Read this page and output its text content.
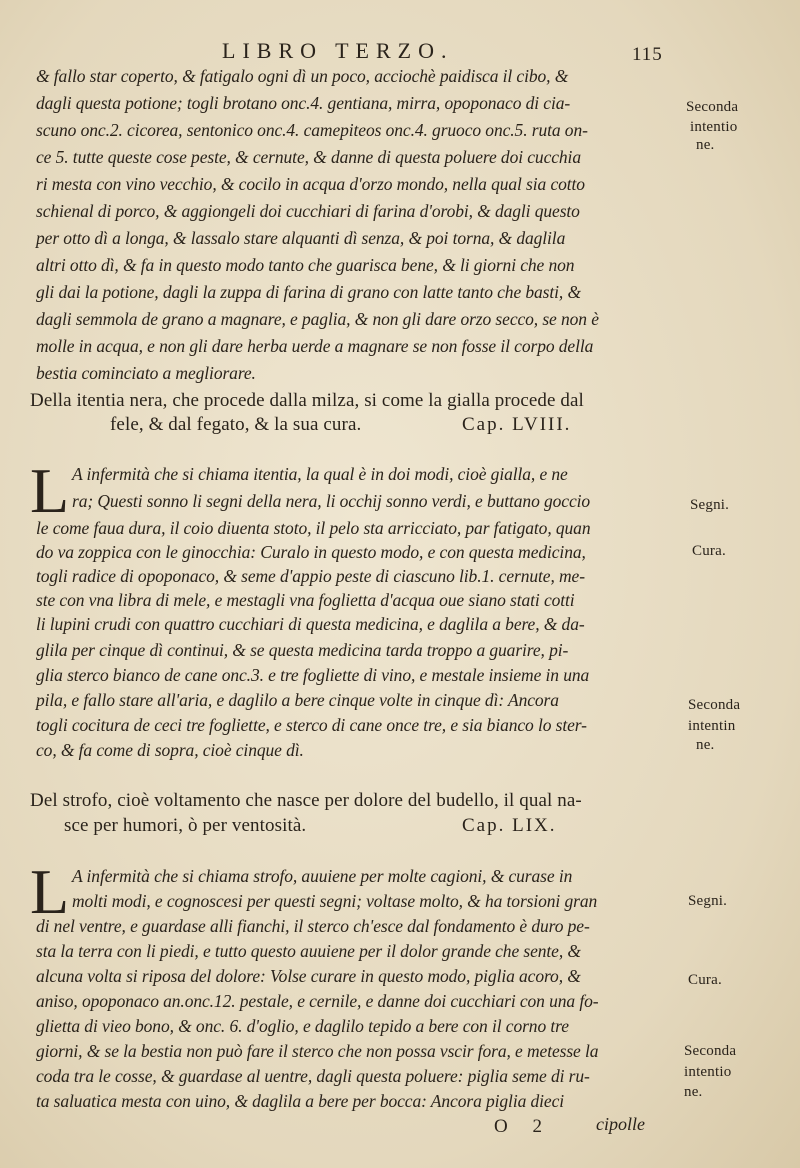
LIBRO TERZO.	115
& fallo star coperto, & fatigalo ogni dì un poco, acciochè paidisca il cibo, &
dagli questa potione; togli brotano onc.4. gentiana, mirra, opoponaco di cia-
scuno onc.2. cicorea, sentonico onc.4. camepiteos onc.4. gruoco onc.5. ruta on-
ce 5. tutte queste cose peste, & cernute, & danne di questa poluere doi cucchia
ri mesta con vino vecchio, & cocilo in acqua d'orzo mondo, nella qual sia cotto
schienal di porco, & aggiongeli doi cucchiari di farina d'orobi, & dagli questo
per otto dì a longa, & lassalo stare alquanti dì senza, & poi torna, & daglila
altri otto dì, & fa in questo modo tanto che guarisca bene, & li giorni che non
gli dai la potione, dagli la zuppa di farina di grano con latte tanto che basti, &
dagli semmola de grano a magnare, e paglia, & non gli dare orzo secco, se non è
molle in acqua, e non gli dare herba uerde a magnare se non fosse il corpo della
bestia cominciato a megliorare.
Seconda
intentio
ne.
Della itentia nera, che procede dalla milza, si come la gialla procede dal
fele, & dal fegato, & la sua cura.	Cap. LVIII.
L A infermità che si chiama itentia, la qual è in doi modi, cioè gialla, e ne
ra; Questi sonno li segni della nera, li occhij sonno verdi, e buttano goccio
le come faua dura, il coio diuenta stoto, il pelo sta arricciato, par fatigato, quan
do va zoppica con le ginocchia: Curalo in questo modo, e con questa medicina,
togli radice di opoponaco, & seme d'appio peste di ciascuno lib.1. cernute, me-
ste con vna libra di mele, e mestagli vna foglietta d'acqua oue siano stati cotti
li lupini crudi con quattro cucchiari di questa medicina, e daglila a bere, & da-
glila per cinque dì continui, & se questa medicina tarda troppo a guarire, pi-
glia sterco bianco de cane onc.3. e tre fogliette di vino, e mestale insieme in una
pila, e fallo stare all'aria, e daglilo a bere cinque volte in cinque dì: Ancora
togli cocitura de ceci tre fogliette, e sterco di cane once tre, e sia bianco lo ster-
co, & fa come di sopra, cioè cinque dì.
Segni.
Cura.
Seconda
intentin
ne.
Del strofo, cioè voltamento che nasce per dolore del budello, il qual na-
sce per humori, ò per ventosità.	Cap. LIX.
L A infermità che si chiama strofo, auuiene per molte cagioni, & curase in
molti modi, e cognoscesi per questi segni; voltase molto, & ha torsioni gran
di nel ventre, e guardase alli fianchi, il sterco ch'esce dal fondamento è duro pe-
sta la terra con li piedi, e tutto questo auuiene per il dolor grande che sente, &
alcuna volta si riposa del dolore: Volse curare in questo modo, piglia acoro, &
aniso, opoponaco an.onc.12. pestale, e cernile, e danne doi cucchiari con una fo-
glietta di vieo bono, & onc. 6. d'oglio, e daglilo tepido a bere con il corno tre
giorni, & se la bestia non può fare il sterco che non possa vscir fora, e metesse la
coda tra le cosse, & guardase al uentre, dagli questa poluere: piglia seme di ru-
ta saluatica mesta con uino, & daglila a bere per bocca: Ancora piglia dieci
Segni.
Cura.
Seconda
intentio
ne.
O 2 cipolle
